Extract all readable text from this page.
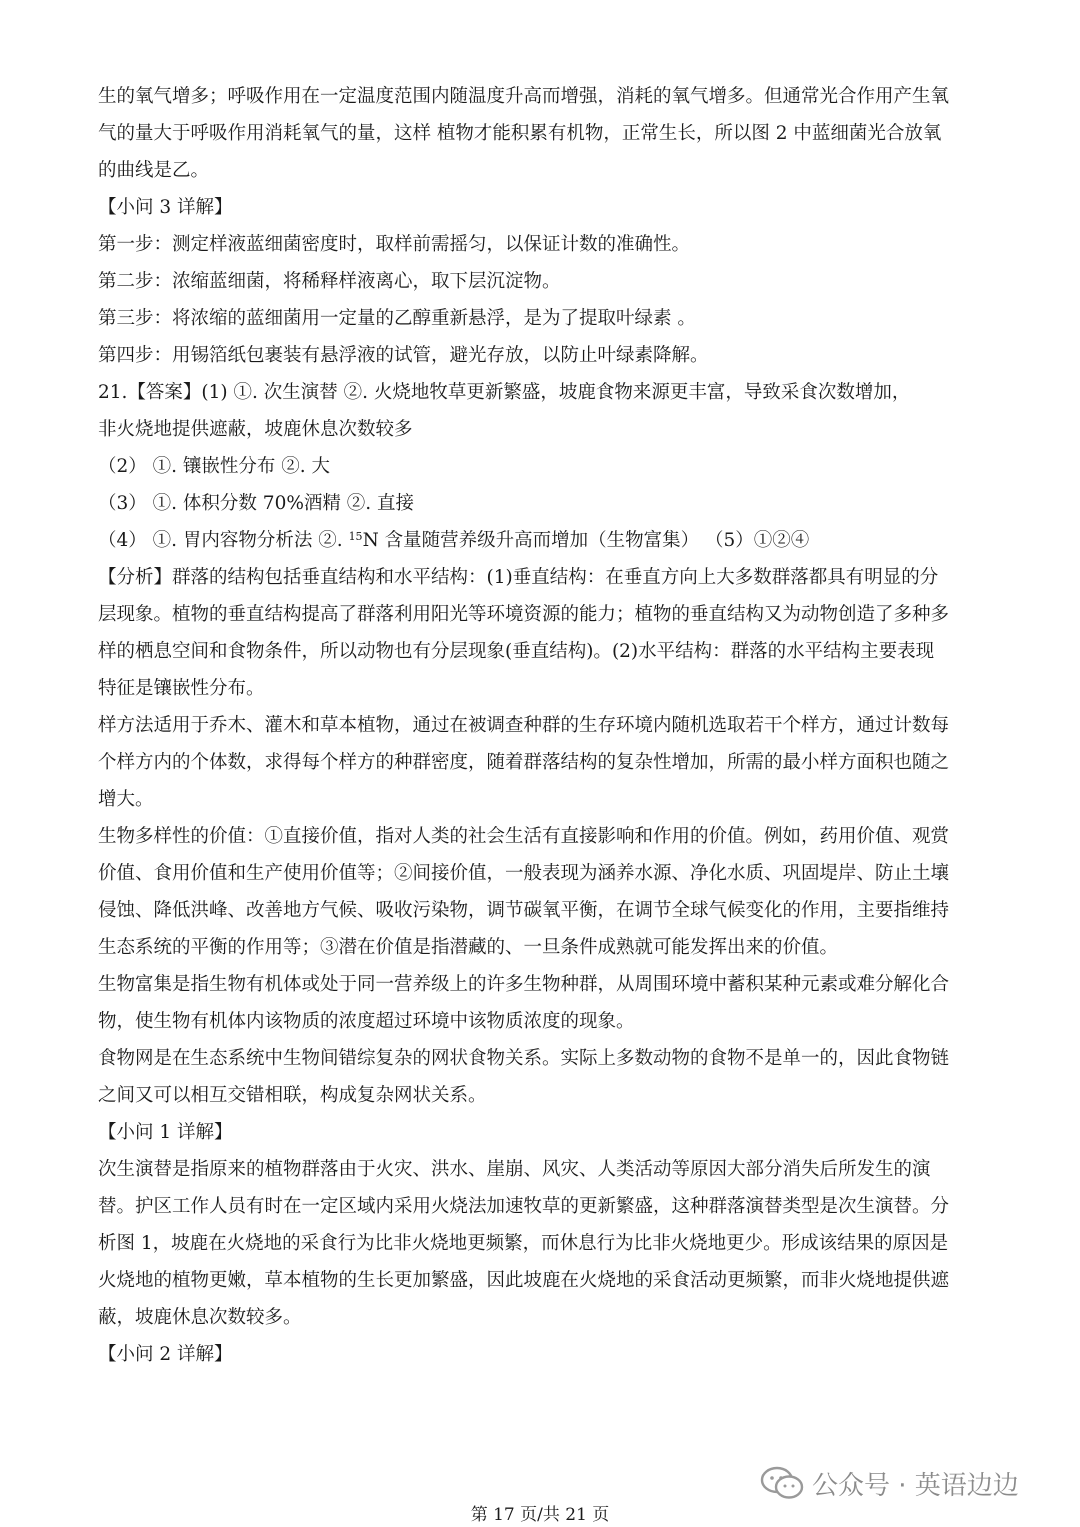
生的氧气增多；呼吸作用在一定温度范围内随温度升高而增强，消耗的氧气增多。但通常光合作用产生氧
气的量大于呼吸作用消耗氧气的量，这样 植物才能积累有机物，正常生长，所以图 2 中蓝细菌光合放氧
的曲线是乙。
【小问 3 详解】
第一步：测定样液蓝细菌密度时，取样前需摇匀，以保证计数的准确性。
第二步：浓缩蓝细菌，将稀释样液离心，取下层沉淀物。
第三步：将浓缩的蓝细菌用一定量的乙醇重新悬浮，是为了提取叶绿素 。
第四步：用锡箔纸包裹装有悬浮液的试管，避光存放，以防止叶绿素降解。
21.【答案】(1) ①. 次生演替 ②. 火烧地牧草更新繁盛，坡鹿食物来源更丰富，导致采食次数增加，
非火烧地提供遮蔽，坡鹿休息次数较多
（2） ①. 镶嵌性分布 ②. 大
（3） ①. 体积分数 70%酒精 ②. 直接
（4） ①. 胃内容物分析法 ②. $^{15}$N 含量随营养级升高而增加（生物富集） （5）①②④
【分析】群落的结构包括垂直结构和水平结构：(1)垂直结构：在垂直方向上大多数群落都具有明显的分
层现象。植物的垂直结构提高了群落利用阳光等环境资源的能力；植物的垂直结构又为动物创造了多种多
样的栖息空间和食物条件，所以动物也有分层现象(垂直结构)。(2)水平结构：群落的水平结构主要表现
特征是镶嵌性分布。
样方法适用于乔木、灌木和草本植物，通过在被调查种群的生存环境内随机选取若干个样方，通过计数每
个样方内的个体数，求得每个样方的种群密度，随着群落结构的复杂性增加，所需的最小样方面积也随之
增大。
生物多样性的价值：①直接价值，指对人类的社会生活有直接影响和作用的价值。例如，药用价值、观赏
价值、食用价值和生产使用价值等；②间接价值，一般表现为涵养水源、净化水质、巩固堤岸、防止土壤
侵蚀、降低洪峰、改善地方气候、吸收污染物，调节碳氧平衡，在调节全球气候变化的作用，主要指维持
生态系统的平衡的作用等；③潜在价值是指潜藏的、一旦条件成熟就可能发挥出来的价值。
生物富集是指生物有机体或处于同一营养级上的许多生物种群，从周围环境中蓄积某种元素或难分解化合
物，使生物有机体内该物质的浓度超过环境中该物质浓度的现象。
食物网是在生态系统中生物间错综复杂的网状食物关系。实际上多数动物的食物不是单一的，因此食物链
之间又可以相互交错相联，构成复杂网状关系。
【小问 1 详解】
次生演替是指原来的植物群落由于火灾、洪水、崖崩、风灾、人类活动等原因大部分消失后所发生的演
替。护区工作人员有时在一定区域内采用火烧法加速牧草的更新繁盛，这种群落演替类型是次生演替。分
析图 1，坡鹿在火烧地的采食行为比非火烧地更频繁，而休息行为比非火烧地更少。形成该结果的原因是
火烧地的植物更嫩，草本植物的生长更加繁盛，因此坡鹿在火烧地的采食活动更频繁，而非火烧地提供遮
蔽，坡鹿休息次数较多。
【小问 2 详解】
公众号 · 英语边边
第 17 页/共 21 页
